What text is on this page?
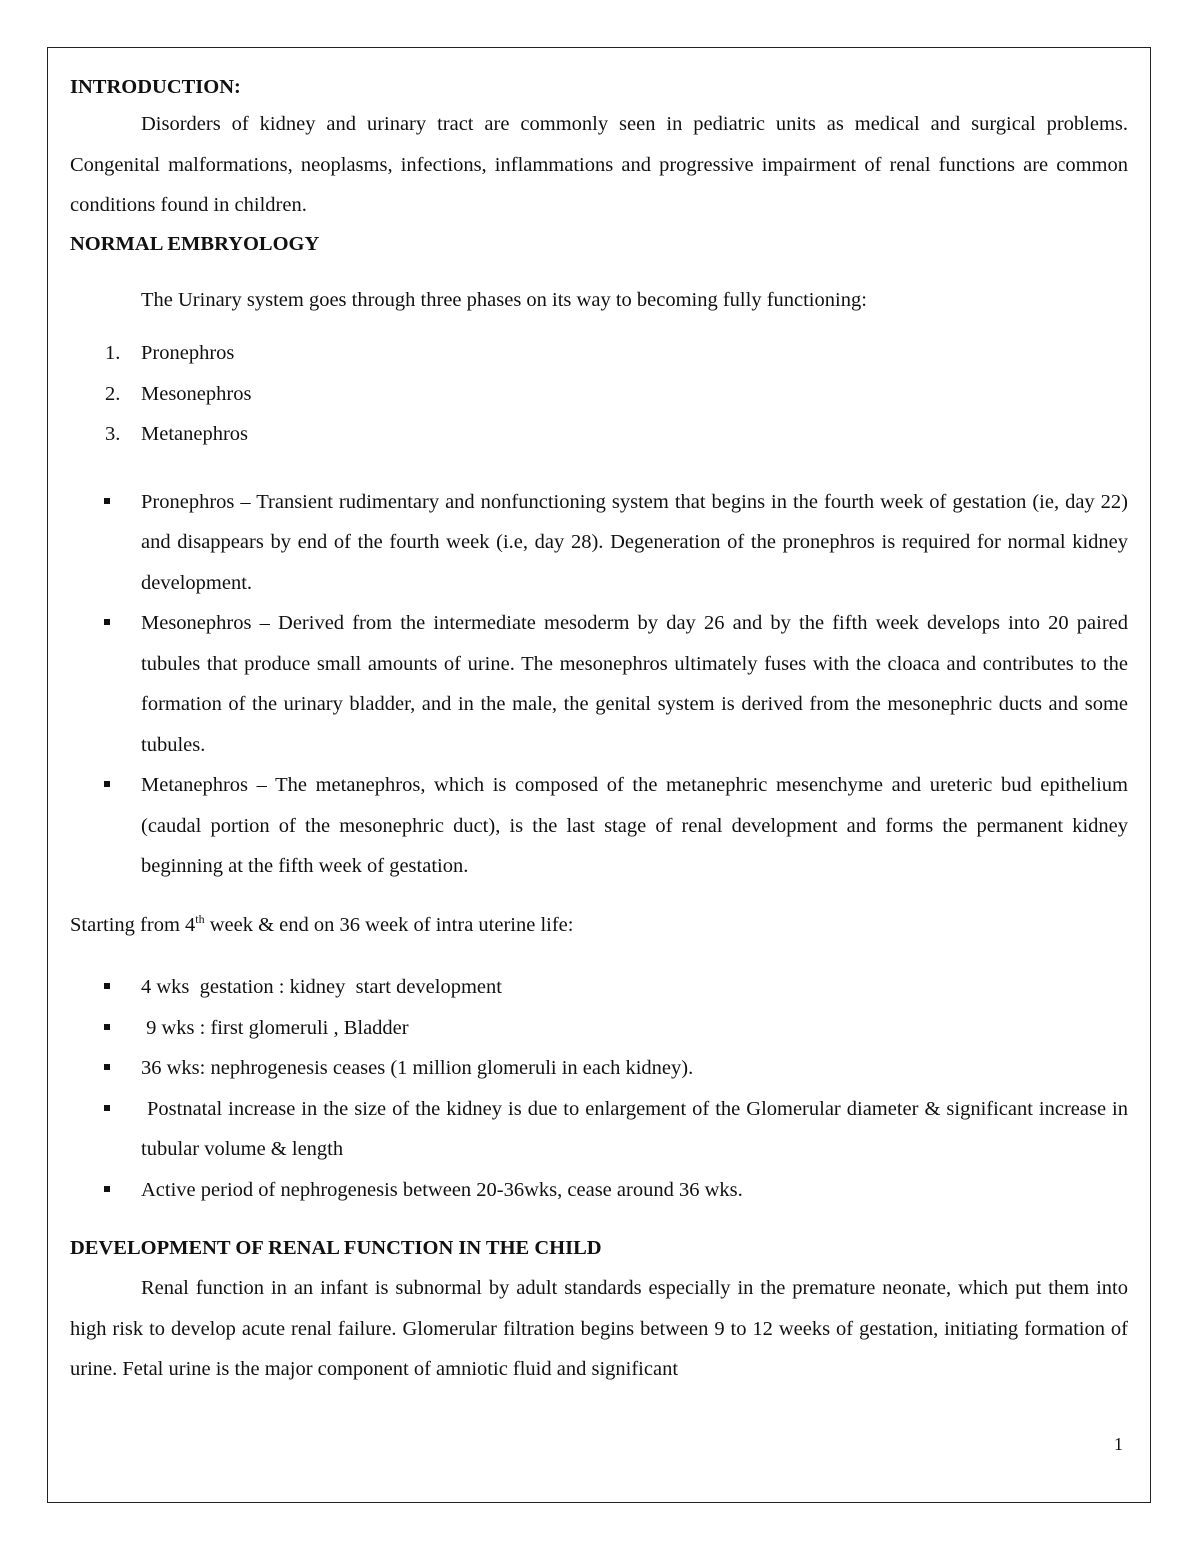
INTRODUCTION:

Disorders of kidney and urinary tract are commonly seen in pediatric units as medical and surgical problems. Congenital malformations, neoplasms, infections, inflammations and progressive impairment of renal functions are common conditions found in children.

NORMAL EMBRYOLOGY

The Urinary system goes through three phases on its way to becoming fully functioning:

1. Pronephros
2. Mesonephros
3. Metanephros
Pronephros – Transient rudimentary and nonfunctioning system that begins in the fourth week of gestation (ie, day 22) and disappears by end of the fourth week (i.e, day 28). Degeneration of the pronephros is required for normal kidney development.
Mesonephros – Derived from the intermediate mesoderm by day 26 and by the fifth week develops into 20 paired tubules that produce small amounts of urine. The mesonephros ultimately fuses with the cloaca and contributes to the formation of the urinary bladder, and in the male, the genital system is derived from the mesonephric ducts and some tubules.
Metanephros – The metanephros, which is composed of the metanephric mesenchyme and ureteric bud epithelium (caudal portion of the mesonephric duct), is the last stage of renal development and forms the permanent kidney beginning at the fifth week of gestation.

Starting from 4th week & end on 36 week of intra uterine life:

4 wks  gestation : kidney  start development
9 wks : first glomeruli , Bladder
36 wks: nephrogenesis ceases (1 million glomeruli in each kidney).
Postnatal increase in the size of the kidney is due to enlargement of the Glomerular diameter & significant increase in tubular volume & length
Active period of nephrogenesis between 20-36wks, cease around 36 wks.

DEVELOPMENT OF RENAL FUNCTION IN THE CHILD

Renal function in an infant is subnormal by adult standards especially in the premature neonate, which put them into high risk to develop acute renal failure. Glomerular filtration begins between 9 to 12 weeks of gestation, initiating formation of urine. Fetal urine is the major component of amniotic fluid and significant

1
